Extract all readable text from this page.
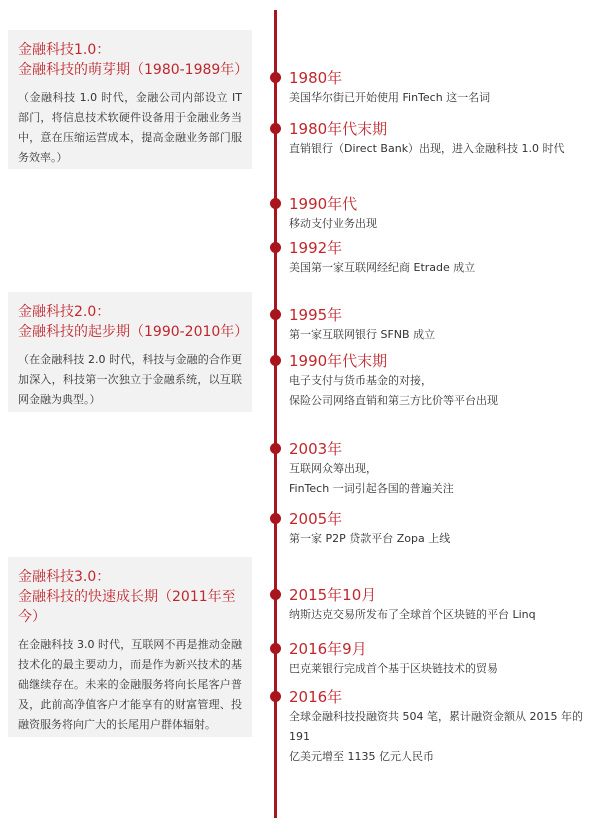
金融科技1.0：
金融科技的萌芽期（1980-1989年）
（金融科技 1.0 时代，金融公司内部设立 IT 部门，将信息技术软硬件设备用于金融业务当中，意在压缩运营成本，提高金融业务部门服务效率。）
金融科技2.0：
金融科技的起步期（1990-2010年）
（在金融科技 2.0 时代，科技与金融的合作更加深入，科技第一次独立于金融系统，以互联网金融为典型。）
金融科技3.0：
金融科技的快速成长期（2011年至今）
在金融科技 3.0 时代，互联网不再是推动金融技术化的最主要动力，而是作为新兴技术的基础继续存在。未来的金融服务将向长尾客户普及，此前高净值客户才能享有的财富管理、投融资服务将向广大的长尾用户群体辐射。
1980年
美国华尔街已开始使用 FinTech 这一名词
1980年代末期
直销银行（Direct Bank）出现，进入金融科技 1.0 时代
1990年代
移动支付业务出现
1992年
美国第一家互联网经纪商 Etrade 成立
1995年
第一家互联网银行 SFNB 成立
1990年代末期
电子支付与货币基金的对接，
保险公司网络直销和第三方比价等平台出现
2003年
互联网众筹出现，
FinTech 一词引起各国的普遍关注
2005年
第一家 P2P 贷款平台 Zopa 上线
2015年10月
纳斯达克交易所发布了全球首个区块链的平台 Linq
2016年9月
巴克莱银行完成首个基于区块链技术的贸易
2016年
全球金融科技投融资共 504 笔，累计融资金额从 2015 年的 191
亿美元增至 1135 亿元人民币
